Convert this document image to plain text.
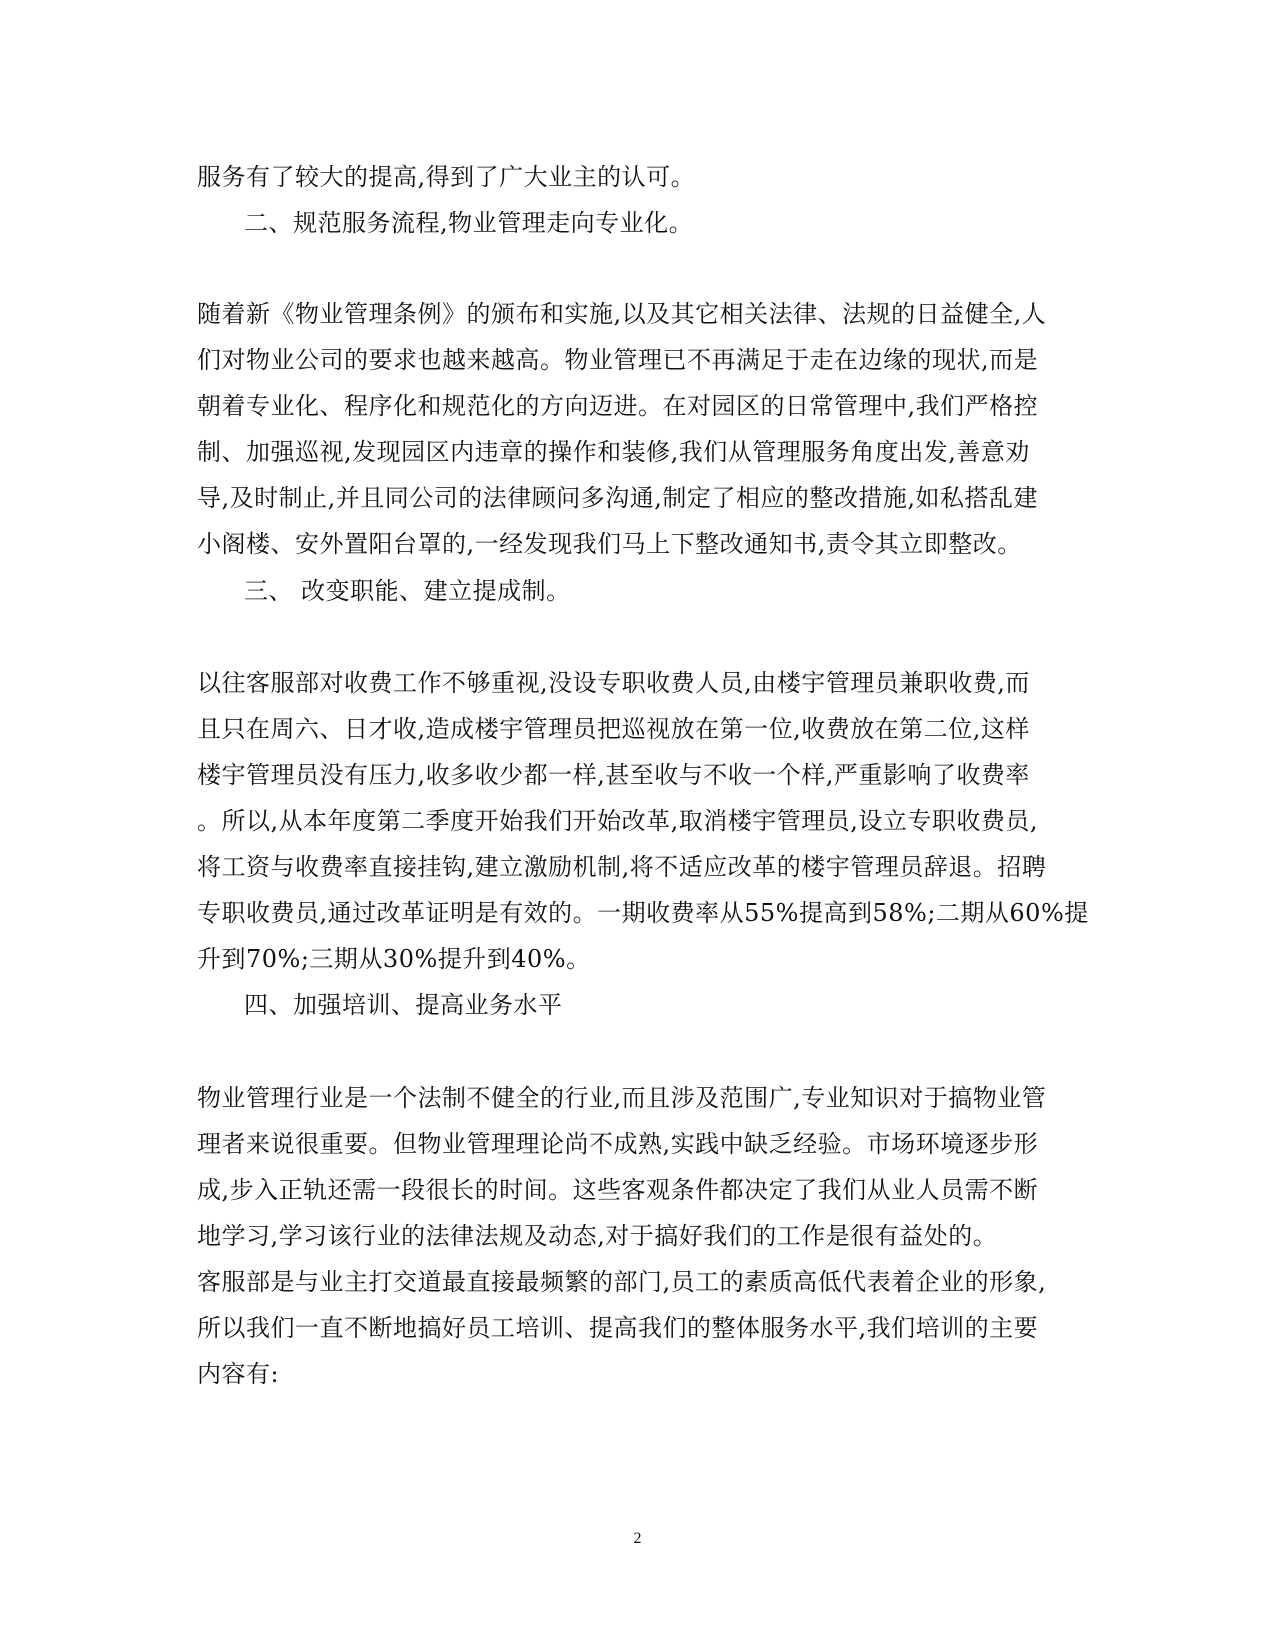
服务有了较大的提高,得到了广大业主的认可。
二、规范服务流程,物业管理走向专业化。
随着新《物业管理条例》的颁布和实施,以及其它相关法律、法规的日益健全,人
们对物业公司的要求也越来越高。物业管理已不再满足于走在边缘的现状,而是
朝着专业化、程序化和规范化的方向迈进。在对园区的日常管理中,我们严格控
制、加强巡视,发现园区内违章的操作和装修,我们从管理服务角度出发,善意劝
导,及时制止,并且同公司的法律顾问多沟通,制定了相应的整改措施,如私搭乱建
小阁楼、安外置阳台罩的,一经发现我们马上下整改通知书,责令其立即整改。
三、 改变职能、建立提成制。
以往客服部对收费工作不够重视,没设专职收费人员,由楼宇管理员兼职收费,而
且只在周六、日才收,造成楼宇管理员把巡视放在第一位,收费放在第二位,这样
楼宇管理员没有压力,收多收少都一样,甚至收与不收一个样,严重影响了收费率
。所以,从本年度第二季度开始我们开始改革,取消楼宇管理员,设立专职收费员,
将工资与收费率直接挂钩,建立激励机制,将不适应改革的楼宇管理员辞退。招聘
专职收费员,通过改革证明是有效的。一期收费率从55%提高到58%;二期从60%提
升到70%;三期从30%提升到40%。
四、加强培训、提高业务水平
物业管理行业是一个法制不健全的行业,而且涉及范围广,专业知识对于搞物业管
理者来说很重要。但物业管理理论尚不成熟,实践中缺乏经验。市场环境逐步形
成,步入正轨还需一段很长的时间。这些客观条件都决定了我们从业人员需不断
地学习,学习该行业的法律法规及动态,对于搞好我们的工作是很有益处的。
客服部是与业主打交道最直接最频繁的部门,员工的素质高低代表着企业的形象,
所以我们一直不断地搞好员工培训、提高我们的整体服务水平,我们培训的主要
内容有:
2
